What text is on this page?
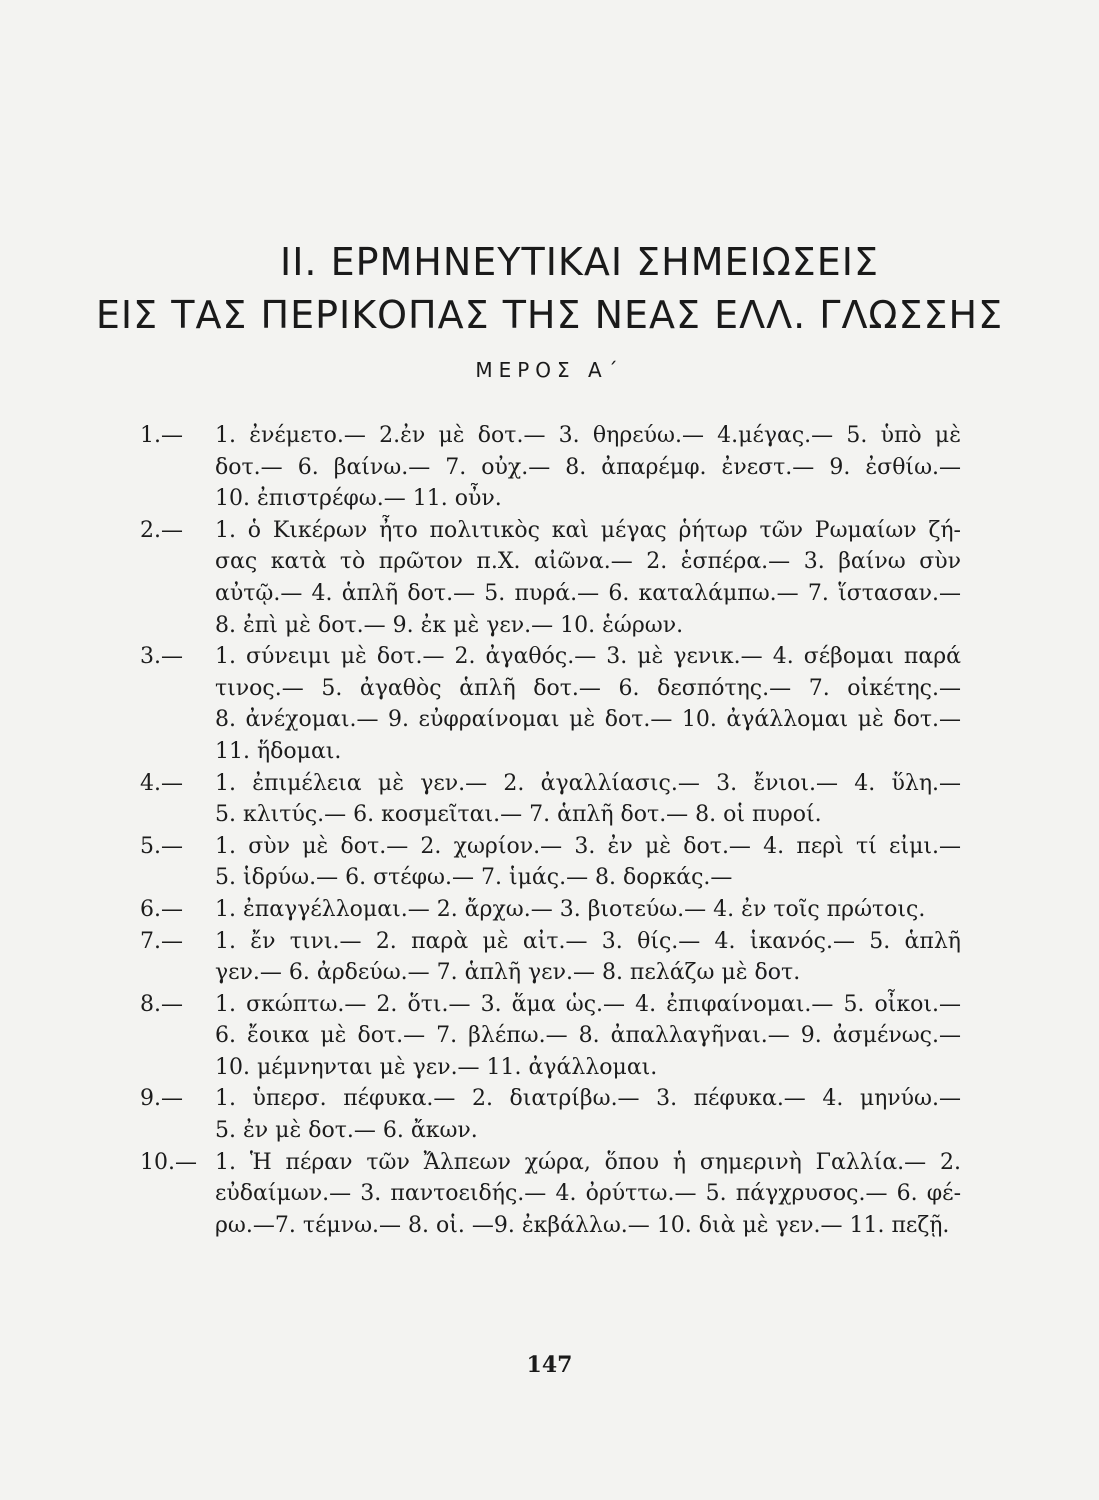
II. ΕΡΜΗΝΕΥΤΙΚΑΙ ΣΗΜΕΙΩΣΕΙΣ
ΕΙΣ ΤΑΣ ΠΕΡΙΚΟΠΑΣ ΤΗΣ ΝΕΑΣ ΕΛΛ. ΓΛΩΣΣΗΣ
ΜΕΡΟΣ Α΄
1.—	1. ἐνέμετο.— 2.ἐν μὲ δοτ.— 3. θηρεύω.— 4.μέγας.— 5. ὑπὸ μὲ
δοτ.— 6. βαίνω.— 7. οὐχ.— 8. ἀπαρέμφ. ἐνεστ.— 9. ἐσθίω.—
10. ἐπιστρέφω.— 11. οὖν.
2.—	1. ὁ Κικέρων ἦτο πολιτικὸς καὶ μέγας ῥήτωρ τῶν Ρωμαίων ζή-
σας κατὰ τὸ πρῶτον π.Χ. αἰῶνα.— 2. ἑσπέρα.— 3. βαίνω σὺν
αὐτῷ.— 4. ἁπλῆ δοτ.— 5. πυρά.— 6. καταλάμπω.— 7. ἵστασαν.—
8. ἐπὶ μὲ δοτ.— 9. ἐκ μὲ γεν.— 10. ἑώρων.
3.—	1. σύνειμι μὲ δοτ.— 2. ἀγαθός.— 3. μὲ γενικ.— 4. σέβομαι παρά
τινος.— 5. ἀγαθὸς ἁπλῆ δοτ.— 6. δεσπότης.— 7. οἰκέτης.—
8. ἀνέχομαι.— 9. εὐφραίνομαι μὲ δοτ.— 10. ἀγάλλομαι μὲ δοτ.—
11. ἥδομαι.
4.—	1. ἐπιμέλεια μὲ γεν.— 2. ἀγαλλίασις.— 3. ἔνιοι.— 4. ὕλη.—
5. κλιτύς.— 6. κοσμεῖται.— 7. ἁπλῆ δοτ.— 8. οἱ πυροί.
5.—	1. σὺν μὲ δοτ.— 2. χωρίον.— 3. ἐν μὲ δοτ.— 4. περὶ τί εἰμι.—
5. ἱδρύω.— 6. στέφω.— 7. ἱμάς.— 8. δορκάς.—
6.—	1. ἐπαγγέλλομαι.— 2. ἄρχω.— 3. βιοτεύω.— 4. ἐν τοῖς πρώτοις.
7.—	1. ἔν τινι.— 2. παρὰ μὲ αἰτ.— 3. θίς.— 4. ἱκανός.— 5. ἁπλῆ
γεν.— 6. ἀρδεύω.— 7. ἁπλῆ γεν.— 8. πελάζω μὲ δοτ.
8.—	1. σκώπτω.— 2. ὅτι.— 3. ἅμα ὡς.— 4. ἐπιφαίνομαι.— 5. οἶκοι.—
6. ἔοικα μὲ δοτ.— 7. βλέπω.— 8. ἀπαλλαγῆναι.— 9. ἀσμένως.—
10. μέμνηνται μὲ γεν.— 11. ἀγάλλομαι.
9.—	1. ὑπερσ. πέφυκα.— 2. διατρίβω.— 3. πέφυκα.— 4. μηνύω.—
5. ἐν μὲ δοτ.— 6. ἄκων.
10.— 1. Ἡ πέραν τῶν Ἄλπεων χώρα, ὅπου ἡ σημερινὴ Γαλλία.— 2.
εὐδαίμων.— 3. παντοειδής.— 4. ὀρύττω.— 5. πάγχρυσος.— 6. φέ-
ρω.—7. τέμνω.— 8. οἱ. —9. ἐκβάλλω.— 10. διὰ μὲ γεν.— 11. πεζῇ.
147
